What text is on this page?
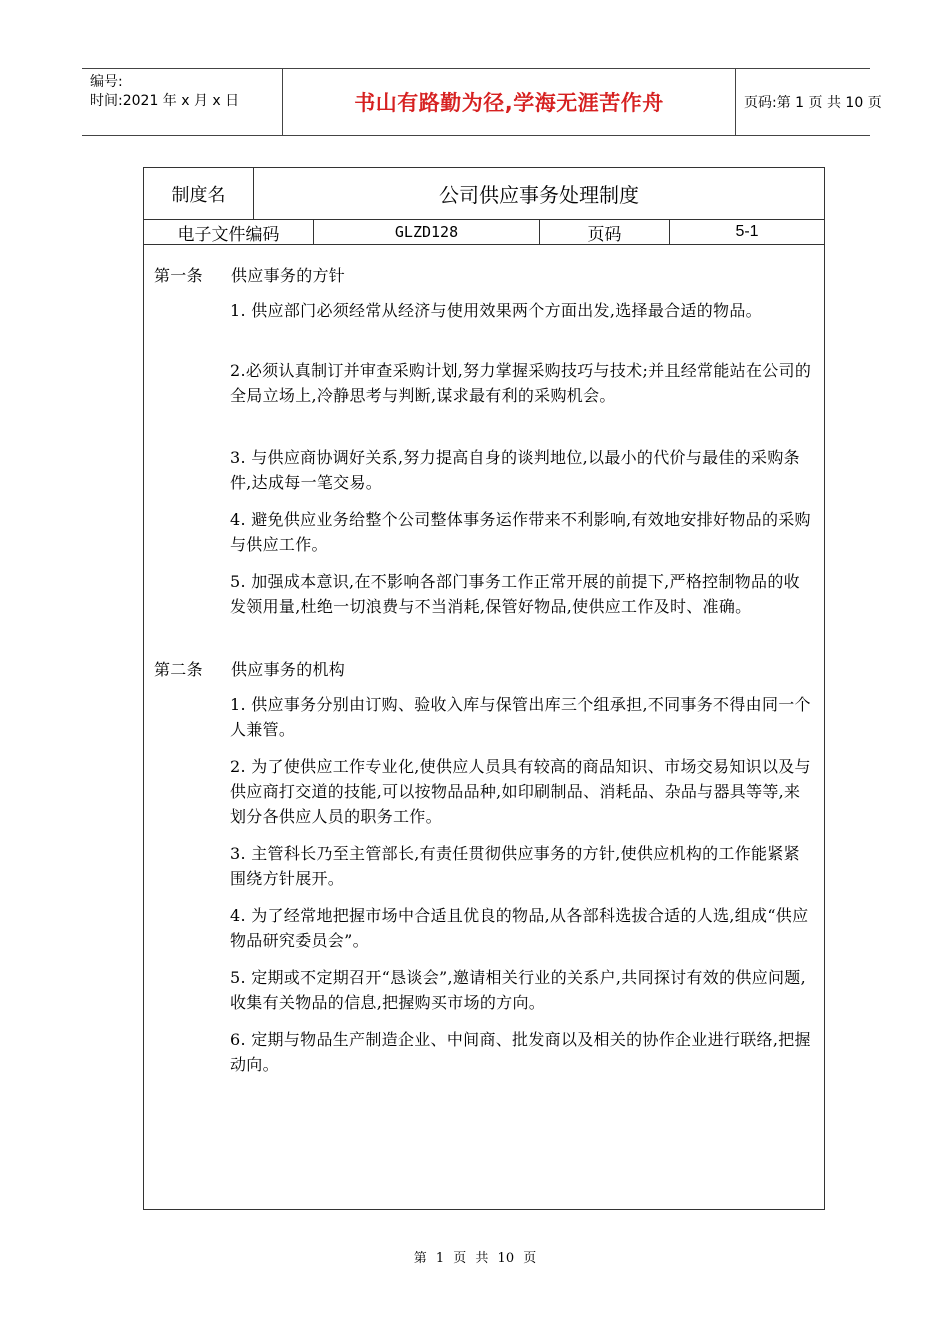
编号:
时间:2021 年 x 月 x 日	书山有路勤为径,学海无涯苦作舟	页码:第 1 页 共 10 页
制度名	公司供应事务处理制度
电子文件编码	GLZD128	页码	5-1
第一条	供应事务的方针
1. 供应部门必须经常从经济与使用效果两个方面出发,选择最合适的物品。
2.必须认真制订并审查采购计划,努力掌握采购技巧与技术;并且经常能站在公司的全局立场上,冷静思考与判断,谋求最有利的采购机会。
3. 与供应商协调好关系,努力提高自身的谈判地位,以最小的代价与最佳的采购条件,达成每一笔交易。
4. 避免供应业务给整个公司整体事务运作带来不利影响,有效地安排好物品的采购与供应工作。
5. 加强成本意识,在不影响各部门事务工作正常开展的前提下,严格控制物品的收发领用量,杜绝一切浪费与不当消耗,保管好物品,使供应工作及时、准确。
第二条	供应事务的机构
1. 供应事务分别由订购、验收入库与保管出库三个组承担,不同事务不得由同一个人兼管。
2. 为了使供应工作专业化,使供应人员具有较高的商品知识、市场交易知识以及与供应商打交道的技能,可以按物品品种,如印刷制品、消耗品、杂品与器具等等,来划分各供应人员的职务工作。
3. 主管科长乃至主管部长,有责任贯彻供应事务的方针,使供应机构的工作能紧紧围绕方针展开。
4. 为了经常地把握市场中合适且优良的物品,从各部科选拔合适的人选,组成“供应物品研究委员会”。
5. 定期或不定期召开“恳谈会”,邀请相关行业的关系户,共同探讨有效的供应问题,收集有关物品的信息,把握购买市场的方向。
6. 定期与物品生产制造企业、中间商、批发商以及相关的协作企业进行联络,把握动向。
第 1 页 共 10 页
